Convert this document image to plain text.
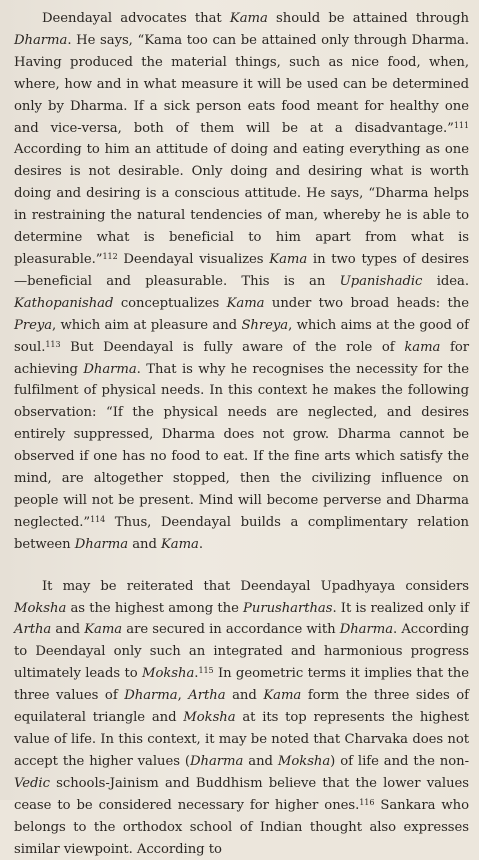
Deendayal advocates that Kama should be attained through Dharma. He says, “Kama too can be attained only through Dharma. Having produced the material things, such as nice food, when, where, how and in what measure it will be used can be determined only by Dharma. If a sick person eats food meant for healthy one and vice-versa, both of them will be at a disadvantage.”$^{111}$ According to him an attitude of doing and eating everything as one desires is not desirable. Only doing and desiring what is worth doing and desiring is a conscious attitude. He says, “Dharma helps in restraining the natural tendencies of man, whereby he is able to determine what is beneficial to him apart from what is pleasurable.”$^{112}$ Deendayal visualizes Kama in two types of desires—beneficial and pleasurable. This is an Upanishadic idea. Kathopanishad conceptualizes Kama under two broad heads: the Preya, which aim at pleasure and Shreya, which aims at the good of soul.$^{113}$ But Deendayal is fully aware of the role of kama for achieving Dharma. That is why he recognises the necessity for the fulfilment of physical needs. In this context he makes the following observation: “If the physical needs are neglected, and desires entirely suppressed, Dharma does not grow. Dharma cannot be observed if one has no food to eat. If the fine arts which satisfy the mind, are altogether stopped, then the civilizing influence on people will not be present. Mind will become perverse and Dharma neglected.”$^{114}$ Thus, Deendayal builds a complimentary relation between Dharma and Kama.

It may be reiterated that Deendayal Upadhyaya considers Moksha as the highest among the Purusharthas. It is realized only if Artha and Kama are secured in accordance with Dharma. According to Deendayal only such an integrated and harmonious progress ultimately leads to Moksha.$^{115}$ In geometric terms it implies that the three values of Dharma, Artha and Kama form the three sides of equilateral triangle and Moksha at its top represents the highest value of life. In this context, it may be noted that Charvaka does not accept the higher values (Dharma and Moksha) of life and the non-Vedic schools-Jainism and Buddhism believe that the lower values cease to be considered necessary for higher ones.$^{116}$ Sankara who belongs to the orthodox school of Indian thought also expresses similar viewpoint. According to
